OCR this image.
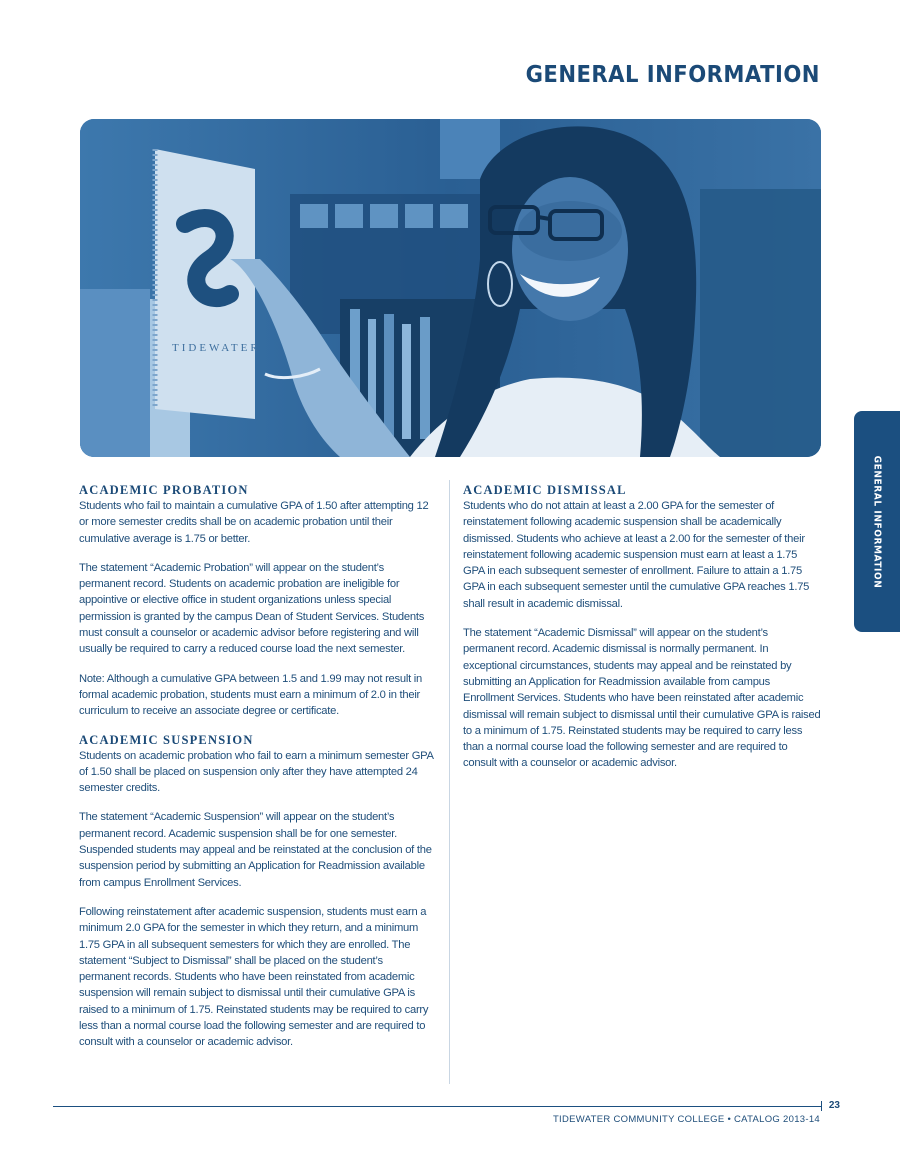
GENERAL INFORMATION
TIDEWATER
GENERAL INFORMATION
ACADEMIC PROBATION

Students who fail to maintain a cumulative GPA of 1.50 after attempting 12 or more semester credits shall be on academic probation until their cumulative average is 1.75 or better.

The statement “Academic Probation” will appear on the student’s permanent record. Students on academic probation are ineligible for appointive or elective office in student organizations unless special permission is granted by the campus Dean of Student Services. Students must consult a counselor or academic advisor before registering and will usually be required to carry a reduced course load the next semester.

Note: Although a cumulative GPA between 1.5 and 1.99 may not result in formal academic probation, students must earn a minimum of 2.0 in their curriculum to receive an associate degree or certificate.

ACADEMIC SUSPENSION

Students on academic probation who fail to earn a minimum semester GPA of 1.50 shall be placed on suspension only after they have attempted 24 semester credits.

The statement “Academic Suspension” will appear on the student’s permanent record. Academic suspension shall be for one semester. Suspended students may appeal and be reinstated at the conclusion of the suspension period by submitting an Application for Readmission available from campus Enrollment Services.

Following reinstatement after academic suspension, students must earn a minimum 2.0 GPA for the semester in which they return, and a minimum 1.75 GPA in all subsequent semesters for which they are enrolled. The statement “Subject to Dismissal” shall be placed on the student’s permanent records. Students who have been reinstated from academic suspension will remain subject to dismissal until their cumulative GPA is raised to a minimum of 1.75. Reinstated students may be required to carry less than a normal course load the following semester and are required to consult with a counselor or academic advisor.

ACADEMIC DISMISSAL

Students who do not attain at least a 2.00 GPA for the semester of reinstatement following academic suspension shall be academically dismissed. Students who achieve at least a 2.00 for the semester of their reinstatement following academic suspension must earn at least a 1.75 GPA in each subsequent semester of enrollment. Failure to attain a 1.75 GPA in each subsequent semester until the cumulative GPA reaches 1.75 shall result in academic dismissal.

The statement “Academic Dismissal” will appear on the student’s permanent record. Academic dismissal is normally permanent. In exceptional circumstances, students may appeal and be reinstated by submitting an Application for Readmission available from campus Enrollment Services. Students who have been reinstated after academic dismissal will remain subject to dismissal until their cumulative GPA is raised to a minimum of 1.75. Reinstated students may be required to carry less than a normal course load the following semester and are required to consult with a counselor or academic advisor.

23
TIDEWATER COMMUNITY COLLEGE • CATALOG 2013-14
